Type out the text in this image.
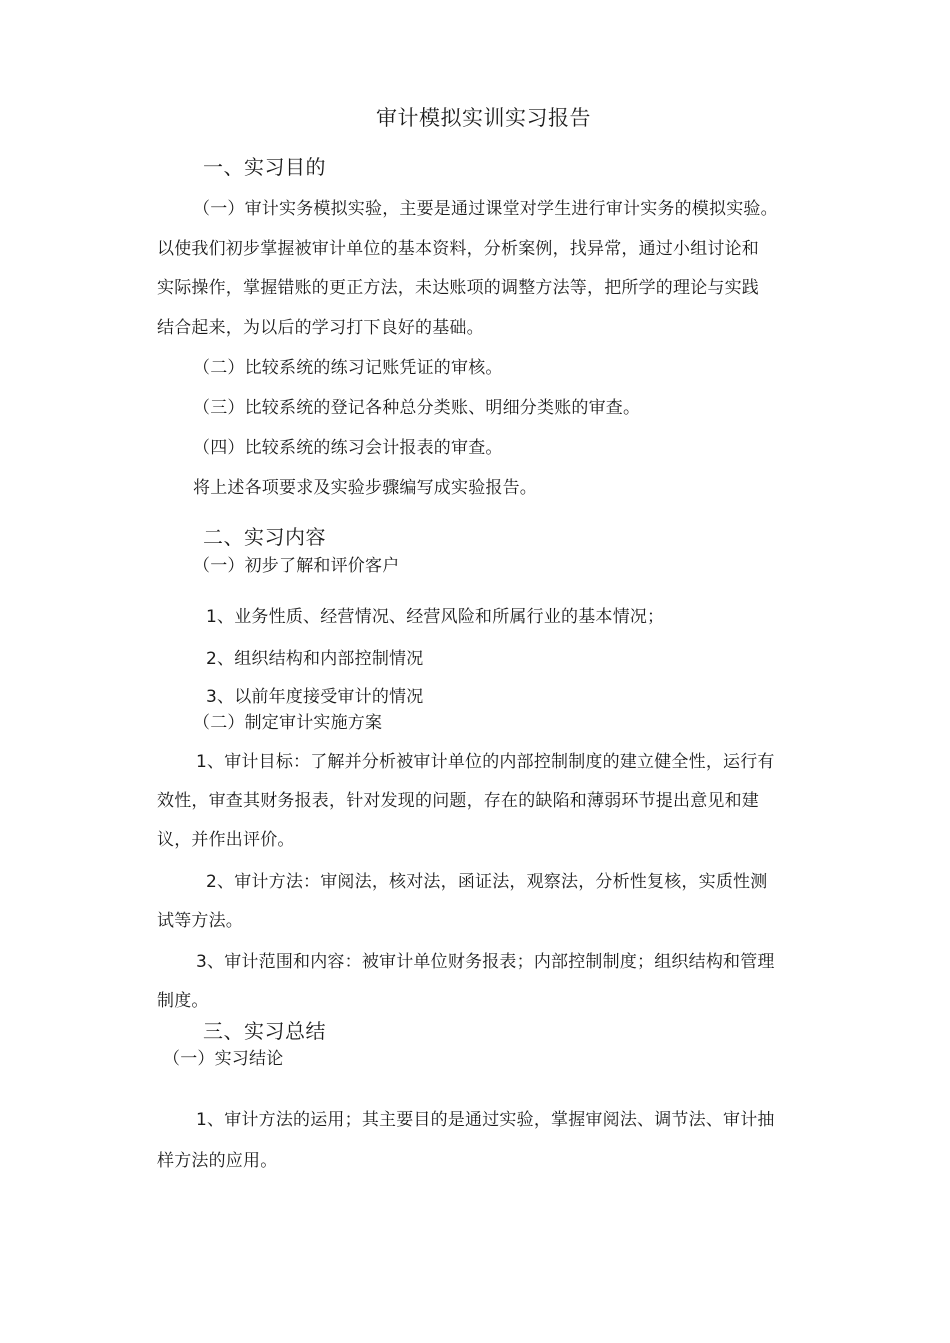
审计模拟实训实习报告
一、实习目的
（一）审计实务模拟实验，主要是通过课堂对学生进行审计实务的模拟实验。
以使我们初步掌握被审计单位的基本资料，分析案例，找异常，通过小组讨论和
实际操作，掌握错账的更正方法，未达账项的调整方法等，把所学的理论与实践
结合起来，为以后的学习打下良好的基础。
（二）比较系统的练习记账凭证的审核。
（三）比较系统的登记各种总分类账、明细分类账的审查。
（四）比较系统的练习会计报表的审查。
将上述各项要求及实验步骤编写成实验报告。
二、实习内容
（一）初步了解和评价客户
1、业务性质、经营情况、经营风险和所属行业的基本情况；
2、组织结构和内部控制情况
3、以前年度接受审计的情况
（二）制定审计实施方案
1、审计目标：了解并分析被审计单位的内部控制制度的建立健全性，运行有
效性，审查其财务报表，针对发现的问题，存在的缺陷和薄弱环节提出意见和建
议，并作出评价。
2、审计方法：审阅法，核对法，函证法，观察法，分析性复核，实质性测
试等方法。
3、审计范围和内容：被审计单位财务报表；内部控制制度；组织结构和管理
制度。
三、实习总结
（一）实习结论
1、审计方法的运用；其主要目的是通过实验，掌握审阅法、调节法、审计抽
样方法的应用。
